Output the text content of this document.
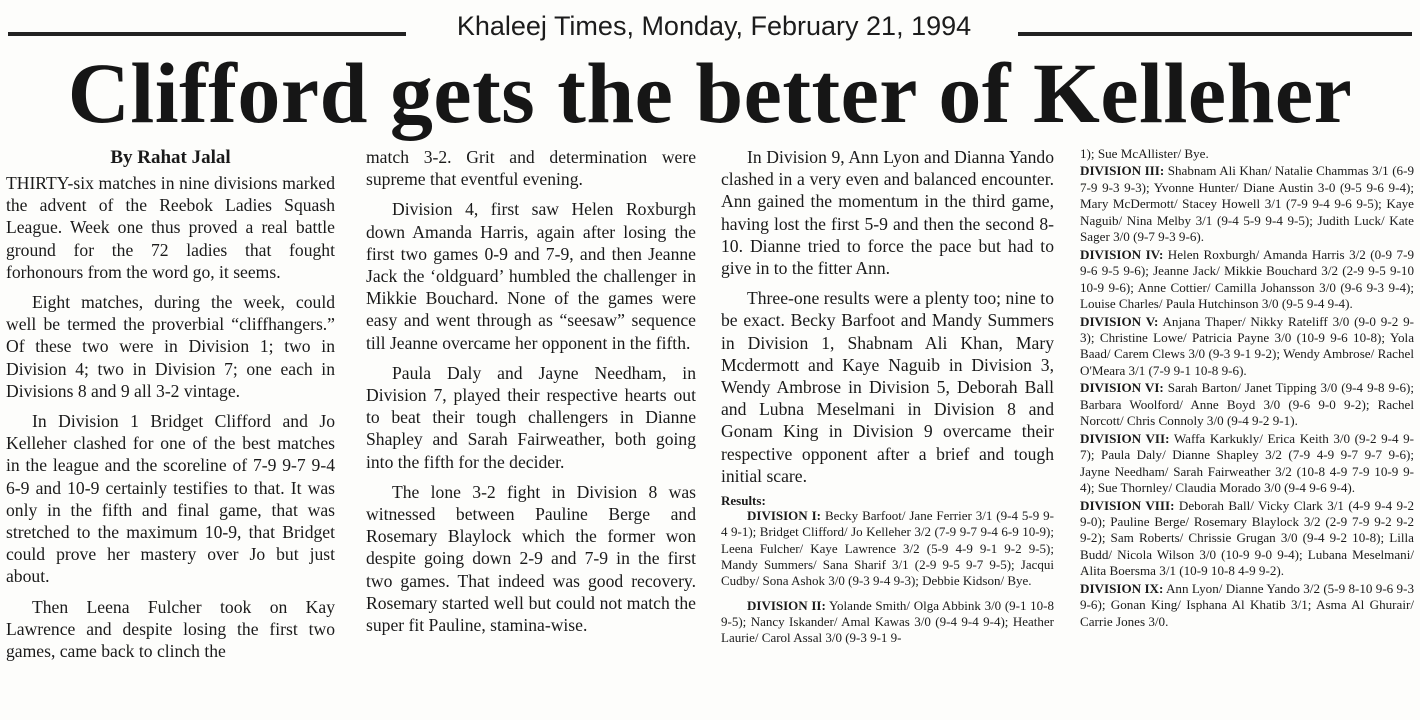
Khaleej Times, Monday, February 21, 1994
Clifford gets the better of Kelleher
By Rahat Jalal

THIRTY-six matches in nine divisions marked the advent of the Reebok Ladies Squash League. Week one thus proved a real battle ground for the 72 ladies that fought forhonours from the word go, it seems.

Eight matches, during the week, could well be termed the proverbial “cliffhangers.” Of these two were in Division 1; two in Division 4; two in Division 7; one each in Divisions 8 and 9 all 3-2 vintage.

In Division 1 Bridget Clifford and Jo Kelleher clashed for one of the best matches in the league and the scoreline of 7-9 9-7 9-4 6-9 and 10-9 certainly testifies to that. It was only in the fifth and final game, that was stretched to the maximum 10-9, that Bridget could prove her mastery over Jo but just about.

Then Leena Fulcher took on Kay Lawrence and despite losing the first two games, came back to clinch the

match 3-2. Grit and determination were supreme that eventful evening.

Division 4, first saw Helen Roxburgh down Amanda Harris, again after losing the first two games 0-9 and 7-9, and then Jeanne Jack the ‘oldguard’ humbled the challenger in Mikkie Bouchard. None of the games were easy and went through as “seesaw” sequence till Jeanne overcame her opponent in the fifth.

Paula Daly and Jayne Needham, in Division 7, played their respective hearts out to beat their tough challengers in Dianne Shapley and Sarah Fairweather, both going into the fifth for the decider.

The lone 3-2 fight in Division 8 was witnessed between Pauline Berge and Rosemary Blaylock which the former won despite going down 2-9 and 7-9 in the first two games. That indeed was good recovery. Rosemary started well but could not match the super fit Pauline, stamina-wise.

In Division 9, Ann Lyon and Dianna Yando clashed in a very even and balanced encounter. Ann gained the momentum in the third game, having lost the first 5-9 and then the second 8-10. Dianne tried to force the pace but had to give in to the fitter Ann.

Three-one results were a plenty too; nine to be exact. Becky Barfoot and Mandy Summers in Division 1, Shabnam Ali Khan, Mary Mcdermott and Kaye Naguib in Division 3, Wendy Ambrose in Division 5, Deborah Ball and Lubna Meselmani in Division 8 and Gonam King in Division 9 overcame their respective opponent after a brief and tough initial scare.

Results:

DIVISION I: Becky Barfoot/ Jane Ferrier 3/1 (9-4 5-9 9-4 9-1); Bridget Clifford/ Jo Kelleher 3/2 (7-9 9-7 9-4 6-9 10-9); Leena Fulcher/ Kaye Lawrence 3/2 (5-9 4-9 9-1 9-2 9-5); Mandy Summers/ Sana Sharif 3/1 (2-9 9-5 9-7 9-5); Jacqui Cudby/ Sona Ashok 3/0 (9-3 9-4 9-3); Debbie Kidson/ Bye.

DIVISION II: Yolande Smith/ Olga Abbink 3/0 (9-1 10-8 9-5); Nancy Iskander/ Amal Kawas 3/0 (9-4 9-4 9-4); Heather Laurie/ Carol Assal 3/0 (9-3 9-1 9-

1); Sue McAllister/ Bye.

DIVISION III: Shabnam Ali Khan/ Natalie Chammas 3/1 (6-9 7-9 9-3 9-3); Yvonne Hunter/ Diane Austin 3-0 (9-5 9-6 9-4); Mary McDermott/ Stacey Howell 3/1 (7-9 9-4 9-6 9-5); Kaye Naguib/ Nina Melby 3/1 (9-4 5-9 9-4 9-5); Judith Luck/ Kate Sager 3/0 (9-7 9-3 9-6).

DIVISION IV: Helen Roxburgh/ Amanda Harris 3/2 (0-9 7-9 9-6 9-5 9-6); Jeanne Jack/ Mikkie Bouchard 3/2 (2-9 9-5 9-10 10-9 9-6); Anne Cottier/ Camilla Johansson 3/0 (9-6 9-3 9-4); Louise Charles/ Paula Hutchinson 3/0 (9-5 9-4 9-4).

DIVISION V: Anjana Thaper/ Nikky Rateliff 3/0 (9-0 9-2 9-3); Christine Lowe/ Patricia Payne 3/0 (10-9 9-6 10-8); Yola Baad/ Carem Clews 3/0 (9-3 9-1 9-2); Wendy Ambrose/ Rachel O'Meara 3/1 (7-9 9-1 10-8 9-6).

DIVISION VI: Sarah Barton/ Janet Tipping 3/0 (9-4 9-8 9-6); Barbara Woolford/ Anne Boyd 3/0 (9-6 9-0 9-2); Rachel Norcott/ Chris Connoly 3/0 (9-4 9-2 9-1).

DIVISION VII: Waffa Karkukly/ Erica Keith 3/0 (9-2 9-4 9-7); Paula Daly/ Dianne Shapley 3/2 (7-9 4-9 9-7 9-7 9-6); Jayne Needham/ Sarah Fairweather 3/2 (10-8 4-9 7-9 10-9 9-4); Sue Thornley/ Claudia Morado 3/0 (9-4 9-6 9-4).

DIVISION VIII: Deborah Ball/ Vicky Clark 3/1 (4-9 9-4 9-2 9-0); Pauline Berge/ Rosemary Blaylock 3/2 (2-9 7-9 9-2 9-2 9-2); Sam Roberts/ Chrissie Grugan 3/0 (9-4 9-2 10-8); Lilla Budd/ Nicola Wilson 3/0 (10-9 9-0 9-4); Lubana Meselmani/ Alita Boersma 3/1 (10-9 10-8 4-9 9-2).

DIVISION IX: Ann Lyon/ Dianne Yando 3/2 (5-9 8-10 9-6 9-3 9-6); Gonan King/ Isphana Al Khatib 3/1; Asma Al Ghurair/ Carrie Jones 3/0.
